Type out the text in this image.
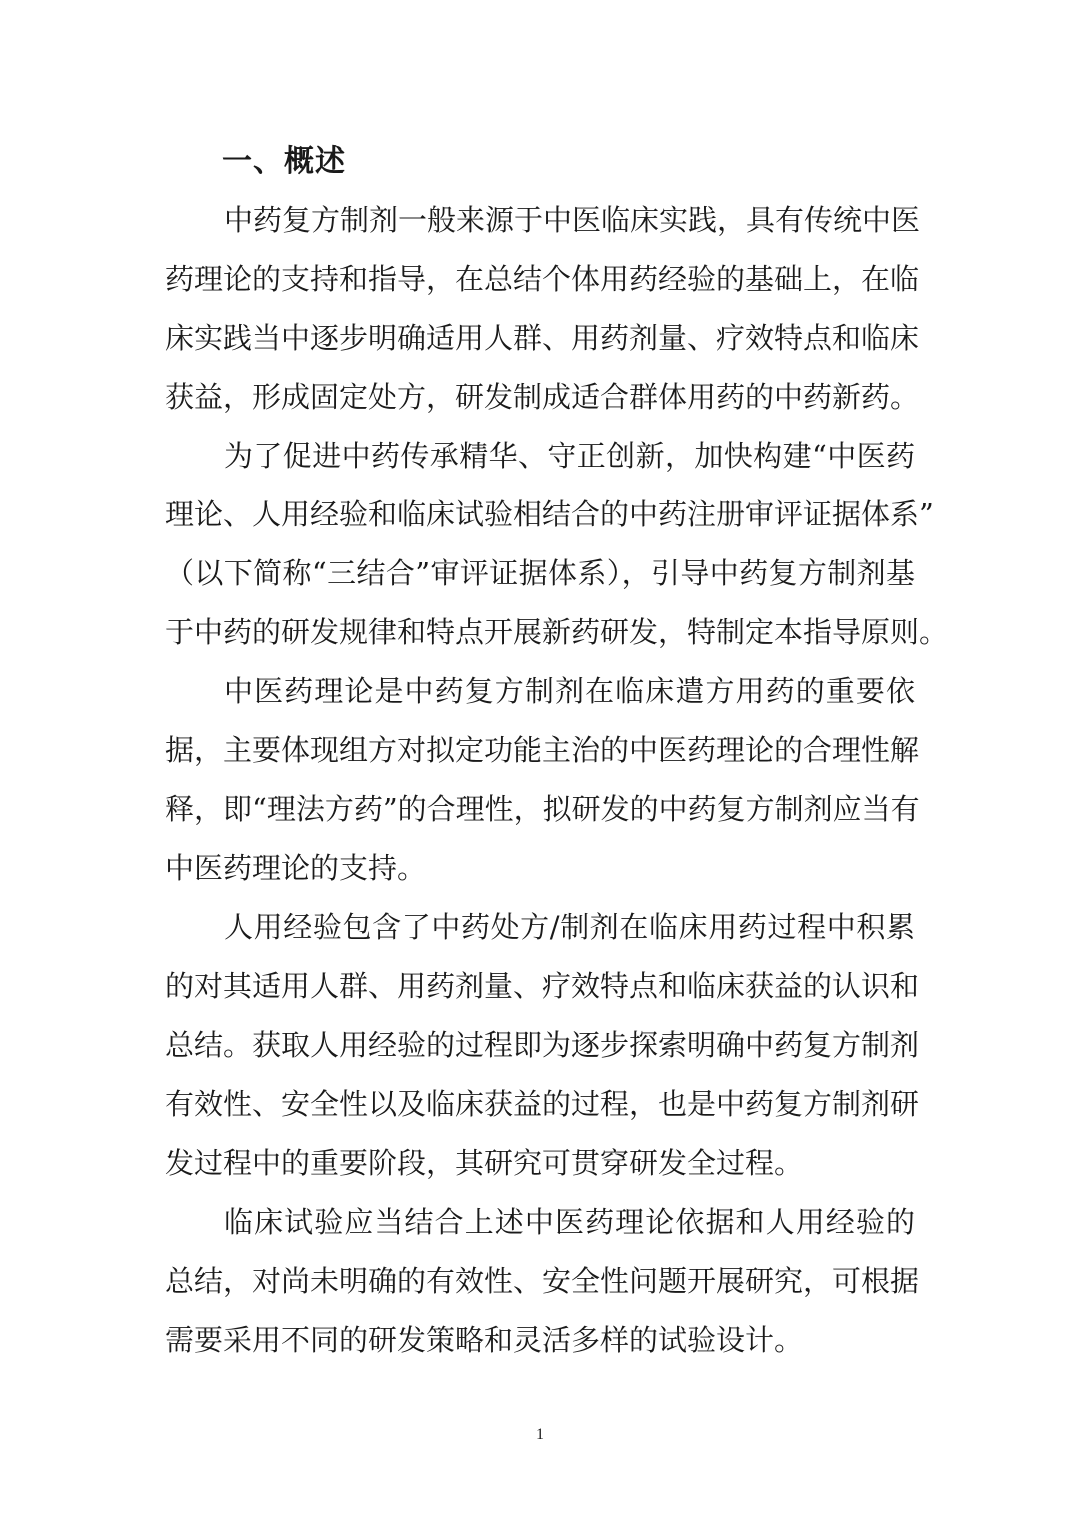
一、概述
中药复方制剂一般来源于中医临床实践，具有传统中医
药理论的支持和指导，在总结个体用药经验的基础上，在临
床实践当中逐步明确适用人群、用药剂量、疗效特点和临床
获益，形成固定处方，研发制成适合群体用药的中药新药。
为了促进中药传承精华、守正创新，加快构建“中医药
理论、人用经验和临床试验相结合的中药注册审评证据体系”
（以下简称“三结合”审评证据体系），引导中药复方制剂基
于中药的研发规律和特点开展新药研发，特制定本指导原则。
中医药理论是中药复方制剂在临床遣方用药的重要依
据，主要体现组方对拟定功能主治的中医药理论的合理性解
释，即“理法方药”的合理性，拟研发的中药复方制剂应当有
中医药理论的支持。
人用经验包含了中药处方/制剂在临床用药过程中积累
的对其适用人群、用药剂量、疗效特点和临床获益的认识和
总结。获取人用经验的过程即为逐步探索明确中药复方制剂
有效性、安全性以及临床获益的过程，也是中药复方制剂研
发过程中的重要阶段，其研究可贯穿研发全过程。
临床试验应当结合上述中医药理论依据和人用经验的
总结，对尚未明确的有效性、安全性问题开展研究，可根据
需要采用不同的研发策略和灵活多样的试验设计。
1
